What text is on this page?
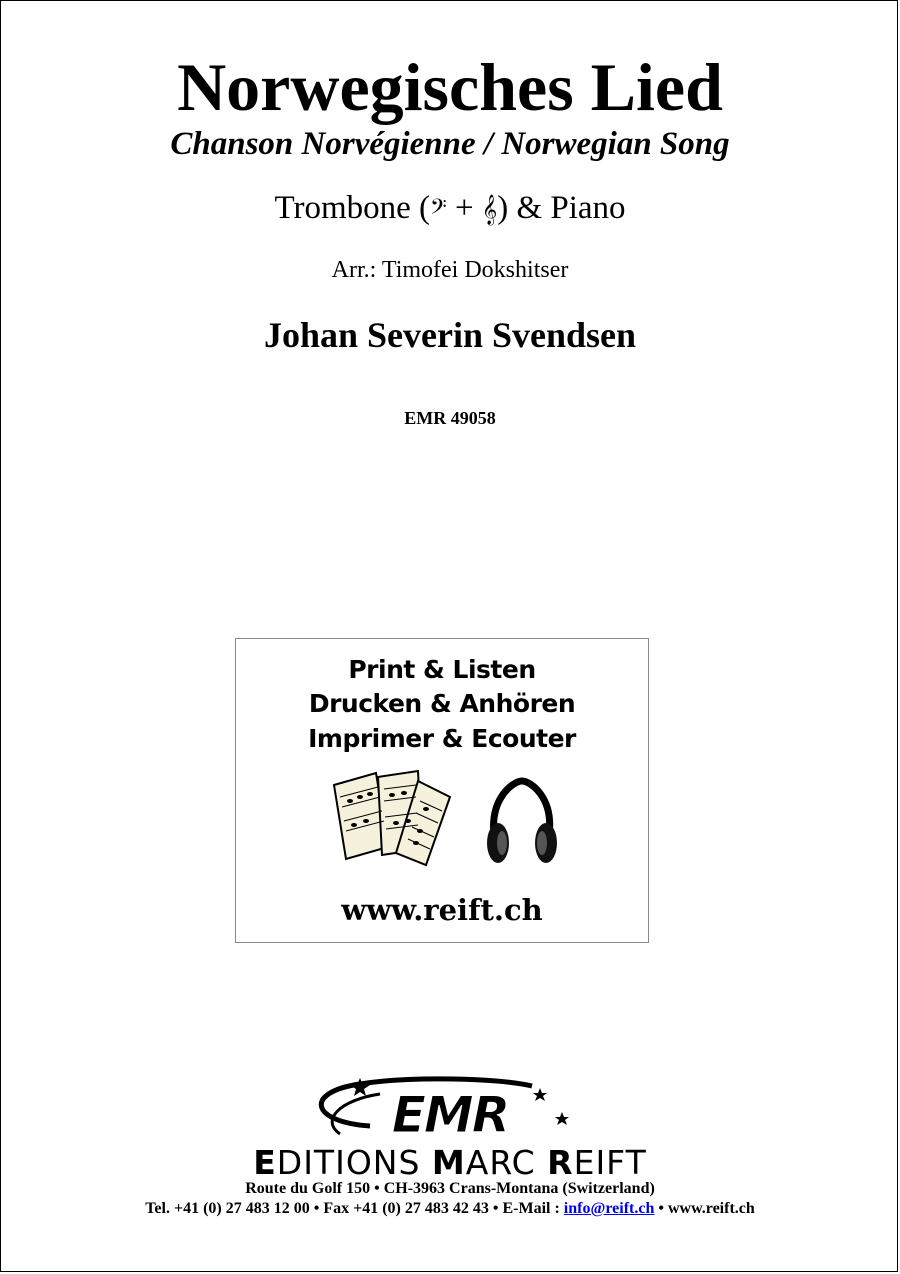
Norwegisches Lied
Chanson Norvégienne / Norwegian Song
Trombone (𝄢 + 𝄞) & Piano
Arr.: Timofei Dokshitser
Johan Severin Svendsen
EMR 49058
Print & Listen
Drucken & Anhören
Imprimer & Ecouter
www.reift.ch
EMR
EDITIONS MARC REIFT
Route du Golf 150 • CH-3963 Crans-Montana (Switzerland)
Tel. +41 (0) 27 483 12 00 • Fax +41 (0) 27 483 42 43 • E-Mail : info@reift.ch • www.reift.ch
